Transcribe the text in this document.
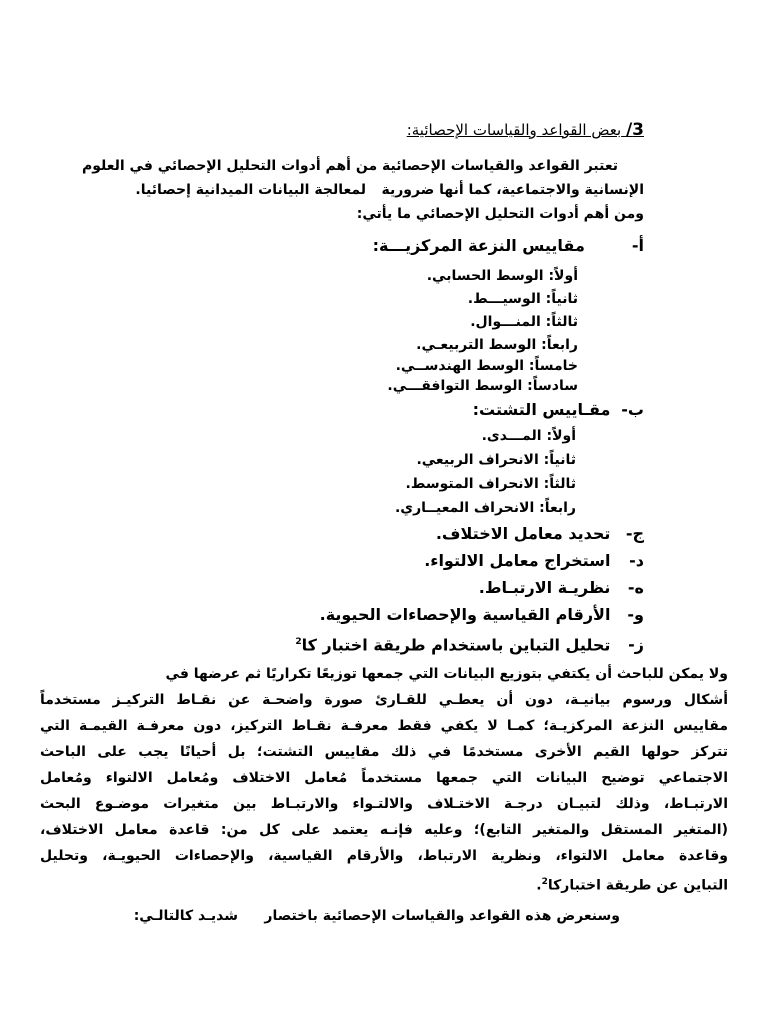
3/ بعض القواعد والقياسات الإحصائية:
تعتبر القواعد والقياسات الإحصائية من أهم أدوات التحليل الإحصائي في العلوم
الإنسانية والاجتماعية، كما أنها ضرورية
لمعالجة البيانات الميدانية إحصائيا.
ومن أهم أدوات التحليل الإحصائي ما يأتي:
أ-  مقاييس النزعة المركزيـــة:
أولاً: الوسط الحسابي.
ثانياً: الوسيـــط.
ثالثاً: المنـــوال.
رابعاً: الوسط التربيعـي.
خامساً: الوسط الهندســي.
سادساً: الوسط التوافقـــي.
ب- مقـاييس التشتت:
أولاً: المـــدى.
ثانياً: الانحراف الربيعي.
ثالثاً: الانحراف المتوسط.
رابعاً: الانحراف المعيــاري.
ج- تحديد معامل الاختلاف.
د- استخراج معامل الالتواء.
ه- نظريـة الارتبـاط.
و- الأرقام القياسية والإحصاءات الحيوية.
ز- تحليل التباين باستخدام طريقة اختبار كا$^2$
ولا يمكن للباحث أن يكتفي بتوزيع البيانات التي جمعها توزيعًا تكراريًا ثم عرضها في
أشكال ورسوم بيانيـة، دون أن يعطـي للقـارئ صورة واضحـة عن نقـاط التركيـز مستخدماً
مقاييس النزعة المركزيـة؛ كمـا لا يكفي فقط معرفـة نقـاط التركيز، دون معرفـة القيمـة التي
تتركز حولها القيم الأخرى مستخدمًا في ذلك مقاييس التشتت؛ بل أحيانًا يجب على الباحث
الاجتماعي توضيح البيانات التي جمعها مستخدماً مُعامل الاختلاف ومُعامل الالتواء ومُعامل
الارتبـاط، وذلك لتبيـان درجـة الاختـلاف والالتـواء والارتبـاط بين متغيرات موضـوع البحث
(المتغير المستقل والمتغير التابع)؛ وعليه فإنـه يعتمد على كل من: قاعدة معامل الاختلاف،
وقاعدة معامل الالتواء، ونظرية الارتباط، والأرقام القياسية، والإحصاءات الحيويـة، وتحليل
التباين عن طريقة اختباركا$^2$.
وسنعرض هذه القواعد والقياسات الإحصائية باختصار
شديـد كالتالـي:
